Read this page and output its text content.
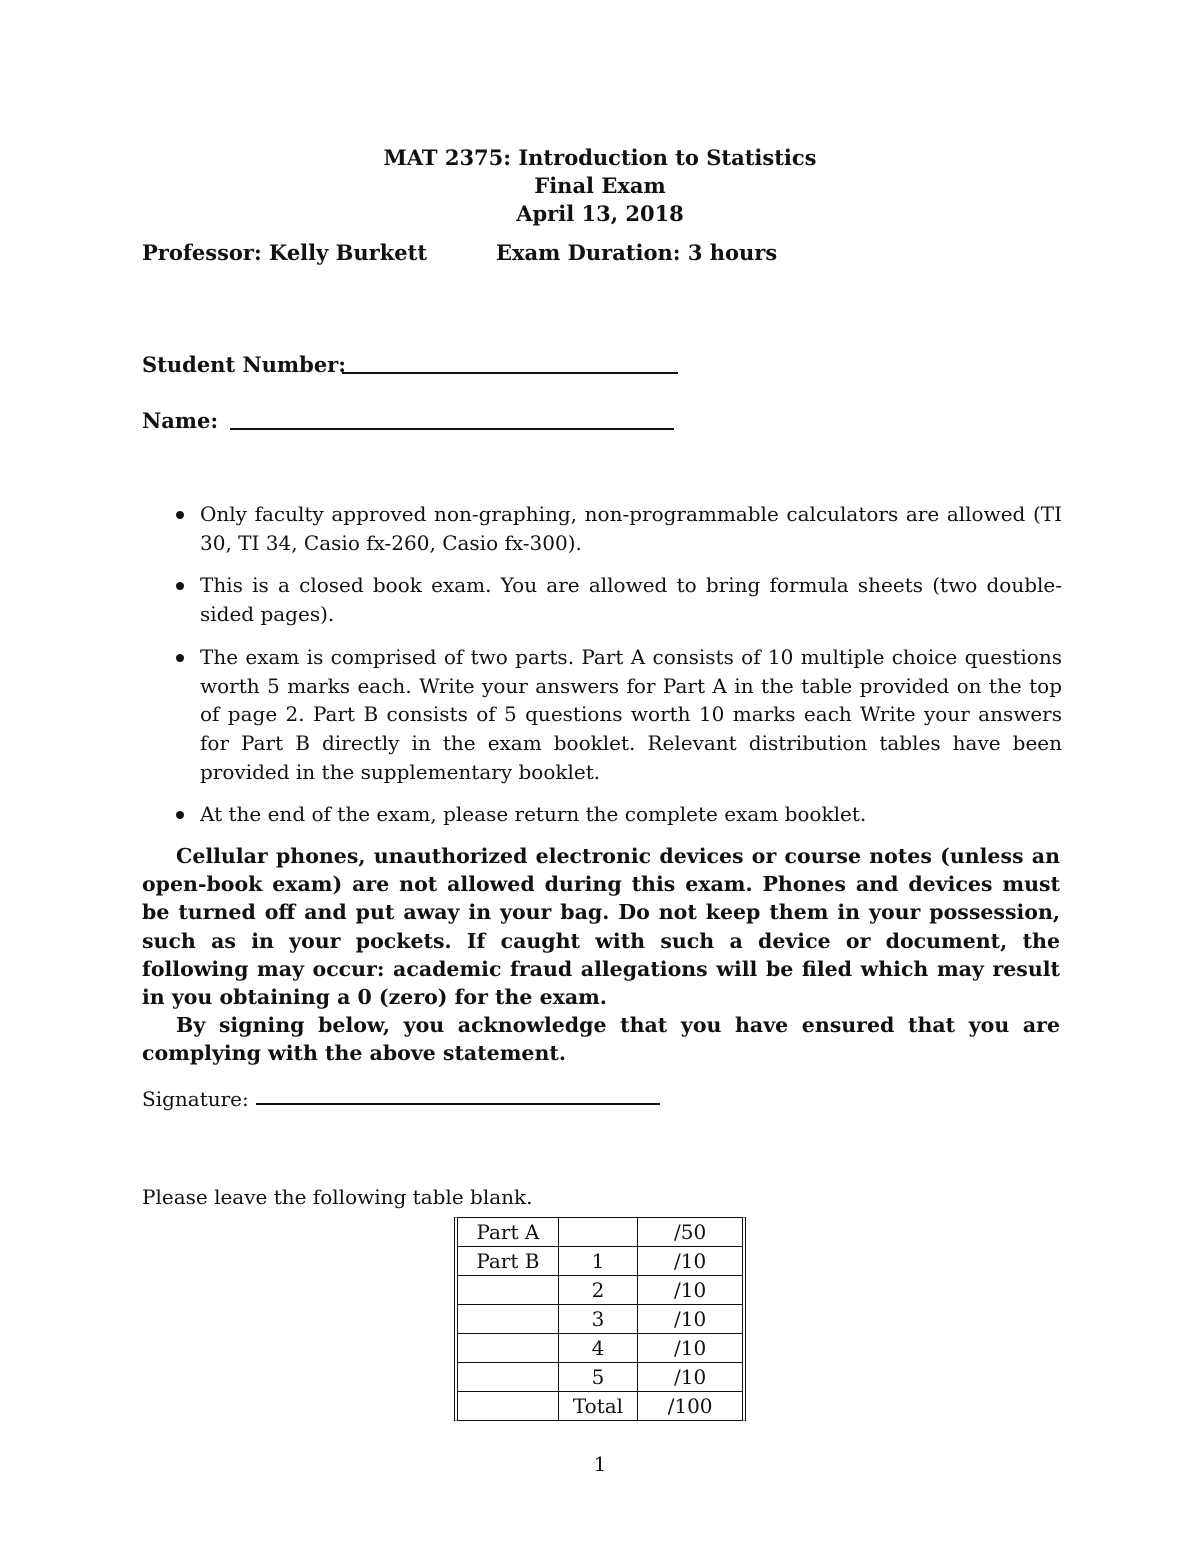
MAT 2375: Introduction to Statistics
Final Exam
April 13, 2018
Professor: Kelly Burkett	Exam Duration: 3 hours
Student Number:
Name:
Only faculty approved non-graphing, non-programmable calculators are allowed (TI 30, TI 34, Casio fx-260, Casio fx-300).
This is a closed book exam. You are allowed to bring formula sheets (two double-sided pages).
The exam is comprised of two parts. Part A consists of 10 multiple choice questions worth 5 marks each. Write your answers for Part A in the table provided on the top of page 2. Part B consists of 5 questions worth 10 marks each Write your answers for Part B directly in the exam booklet. Relevant distribution tables have been provided in the supplementary booklet.
At the end of the exam, please return the complete exam booklet.

Cellular phones, unauthorized electronic devices or course notes (unless an open-book exam) are not allowed during this exam. Phones and devices must be turned off and put away in your bag. Do not keep them in your possession, such as in your pockets. If caught with such a device or document, the following may occur: academic fraud allegations will be filed which may result in you obtaining a 0 (zero) for the exam.

By signing below, you acknowledge that you have ensured that you are complying with the above statement.

Signature:
Please leave the following table blank.
Part A		/50
Part B	1	/10
	2	/10
	3	/10
	4	/10
	5	/10
	Total	/100
1
